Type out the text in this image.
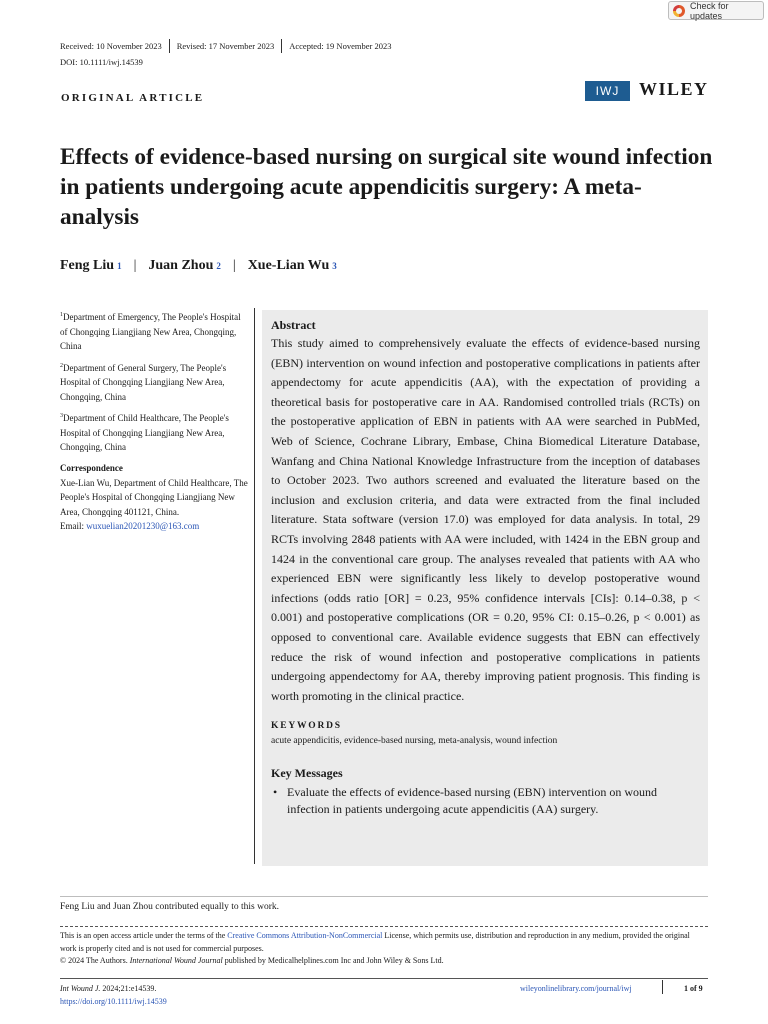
Check for updates
Received: 10 November 2023 Revised: 17 November 2023 Accepted: 19 November 2023
DOI: 10.1111/iwj.14539
ORIGINAL ARTICLE	IWJ	WILEY
Effects of evidence-based nursing on surgical site wound infection in patients undergoing acute appendicitis surgery: A meta-analysis
Feng Liu 1 | Juan Zhou 2 | Xue-Lian Wu 3
$^1$Department of Emergency, The People's Hospital of Chongqing Liangjiang New Area, Chongqing, China
$^2$Department of General Surgery, The People's Hospital of Chongqing Liangjiang New Area, Chongqing, China
$^3$Department of Child Healthcare, The People's Hospital of Chongqing Liangjiang New Area, Chongqing, China
Correspondence
Xue-Lian Wu, Department of Child Healthcare, The People's Hospital of Chongqing Liangjiang New Area, Chongqing 401121, China.
Email: wuxuelian20201230@163.com
Abstract

This study aimed to comprehensively evaluate the effects of evidence-based nursing (EBN) intervention on wound infection and postoperative complications in patients after appendectomy for acute appendicitis (AA), with the expectation of providing a theoretical basis for postoperative care in AA. Randomised controlled trials (RCTs) on the postoperative application of EBN in patients with AA were searched in PubMed, Web of Science, Cochrane Library, Embase, China Biomedical Literature Database, Wanfang and China National Knowledge Infrastructure from the inception of databases to October 2023. Two authors screened and evaluated the literature based on the inclusion and exclusion criteria, and data were extracted from the final included literature. Stata software (version 17.0) was employed for data analysis. In total, 29 RCTs involving 2848 patients with AA were included, with 1424 in the EBN group and 1424 in the conventional care group. The analyses revealed that patients with AA who experienced EBN were significantly less likely to develop postoperative wound infections (odds ratio [OR] = 0.23, 95% confidence intervals [CIs]: 0.14–0.38, p < 0.001) and postoperative complications (OR = 0.20, 95% CI: 0.15–0.26, p < 0.001) as opposed to conventional care. Available evidence suggests that EBN can effectively reduce the risk of wound infection and postoperative complications in patients undergoing appendectomy for AA, thereby improving patient prognosis. This finding is worth promoting in the clinical practice.

KEYWORDS
acute appendicitis, evidence-based nursing, meta-analysis, wound infection
Key Messages
• Evaluate the effects of evidence-based nursing (EBN) intervention on wound infection in patients undergoing acute appendicitis (AA) surgery.
Feng Liu and Juan Zhou contributed equally to this work.
This is an open access article under the terms of the Creative Commons Attribution-NonCommercial License, which permits use, distribution and reproduction in any medium, provided the original work is properly cited and is not used for commercial purposes.
© 2024 The Authors. International Wound Journal published by Medicalhelplines.com Inc and John Wiley & Sons Ltd.
Int Wound J. 2024;21:e14539.
https://doi.org/10.1111/iwj.14539
wileyonlinelibrary.com/journal/iwj	1 of 9
